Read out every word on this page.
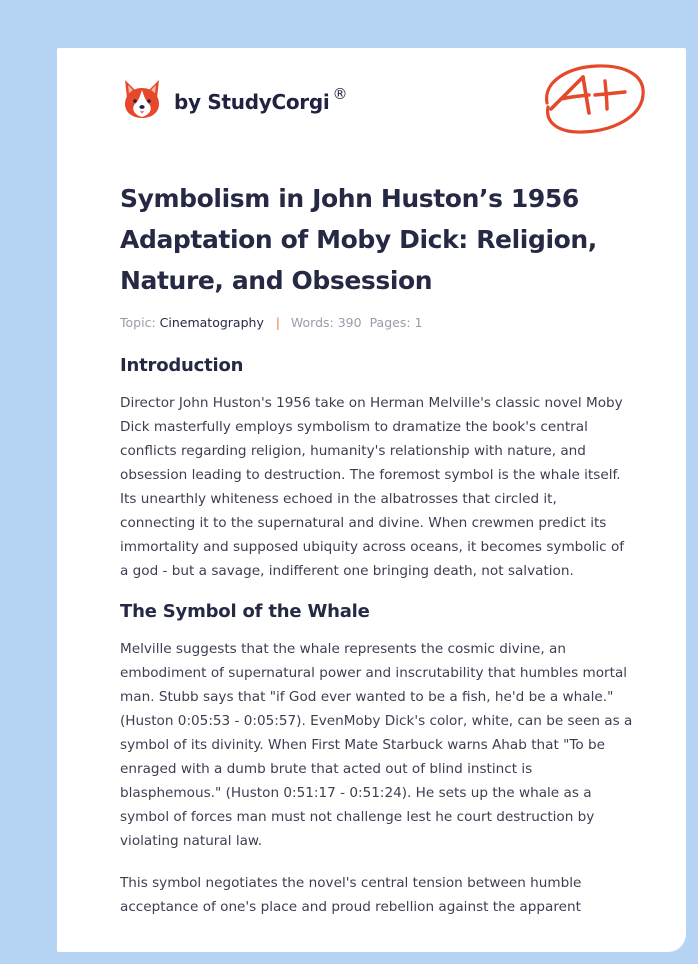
by StudyCorgi ®
Symbolism in John Huston’s 1956 Adaptation of Moby Dick: Religion, Nature, and Obsession
Topic: Cinematography | Words: 390 Pages: 1
Introduction

Director John Huston's 1956 take on Herman Melville's classic novel Moby Dick masterfully employs symbolism to dramatize the book's central conflicts regarding religion, humanity's relationship with nature, and obsession leading to destruction. The foremost symbol is the whale itself. Its unearthly whiteness echoed in the albatrosses that circled it, connecting it to the supernatural and divine. When crewmen predict its immortality and supposed ubiquity across oceans, it becomes symbolic of a god - but a savage, indifferent one bringing death, not salvation.

The Symbol of the Whale

Melville suggests that the whale represents the cosmic divine, an embodiment of supernatural power and inscrutability that humbles mortal man. Stubb says that "if God ever wanted to be a fish, he'd be a whale." (Huston 0:05:53 - 0:05:57). EvenMoby Dick's color, white, can be seen as a symbol of its divinity. When First Mate Starbuck warns Ahab that "To be enraged with a dumb brute that acted out of blind instinct is blasphemous." (Huston 0:51:17 - 0:51:24). He sets up the whale as a symbol of forces man must not challenge lest he court destruction by violating natural law.

This symbol negotiates the novel's central tension between humble acceptance of one's place and proud rebellion against the apparent
